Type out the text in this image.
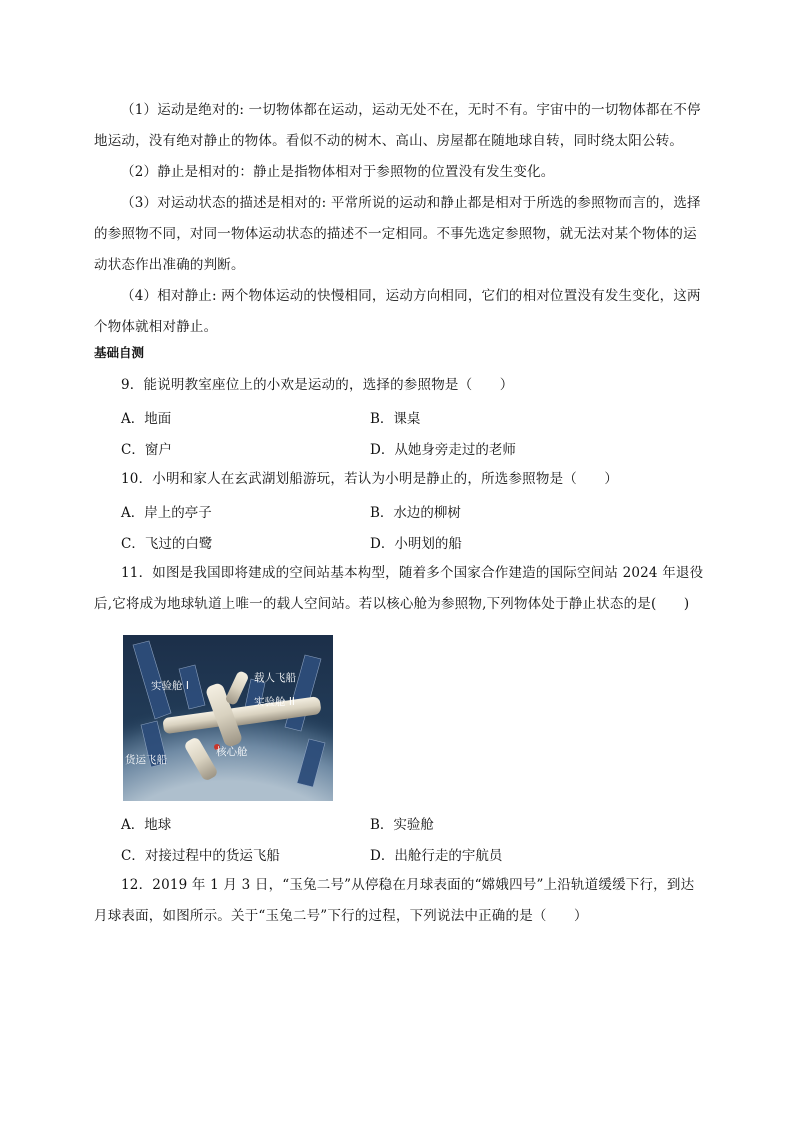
（1）运动是绝对的: 一切物体都在运动，运动无处不在，无时不有。宇宙中的一切物体都在不停地运动，没有绝对静止的物体。看似不动的树木、高山、房屋都在随地球自转，同时绕太阳公转。

（2）静止是相对的：静止是指物体相对于参照物的位置没有发生变化。

（3）对运动状态的描述是相对的: 平常所说的运动和静止都是相对于所选的参照物而言的，选择的参照物不同，对同一物体运动状态的描述不一定相同。不事先选定参照物，就无法对某个物体的运动状态作出准确的判断。

（4）相对静止: 两个物体运动的快慢相同，运动方向相同，它们的相对位置没有发生变化，这两个物体就相对静止。

基础自测

9．能说明教室座位上的小欢是运动的，选择的参照物是（　　）

A．地面	B．课桌

C．窗户	D．从她身旁走过的老师

10．小明和家人在玄武湖划船游玩，若认为小明是静止的，所选参照物是（　　）

A．岸上的亭子	B．水边的柳树

C．飞过的白鹭	D．小明划的船

11．如图是我国即将建成的空间站基本构型，随着多个国家合作建造的国际空间站 2024 年退役后,它将成为地球轨道上唯一的载人空间站。若以核心舱为参照物,下列物体处于静止状态的是(　　)

实验舱 I
载人飞船
实验舱 II
核心舱
货运飞船

A．地球	B．实验舱

C．对接过程中的货运飞船	D．出舱行走的宇航员

12．2019 年 1 月 3 日，“玉兔二号”从停稳在月球表面的“嫦娥四号”上沿轨道缓缓下行，到达月球表面，如图所示。关于“玉兔二号”下行的过程，下列说法中正确的是（　　）
